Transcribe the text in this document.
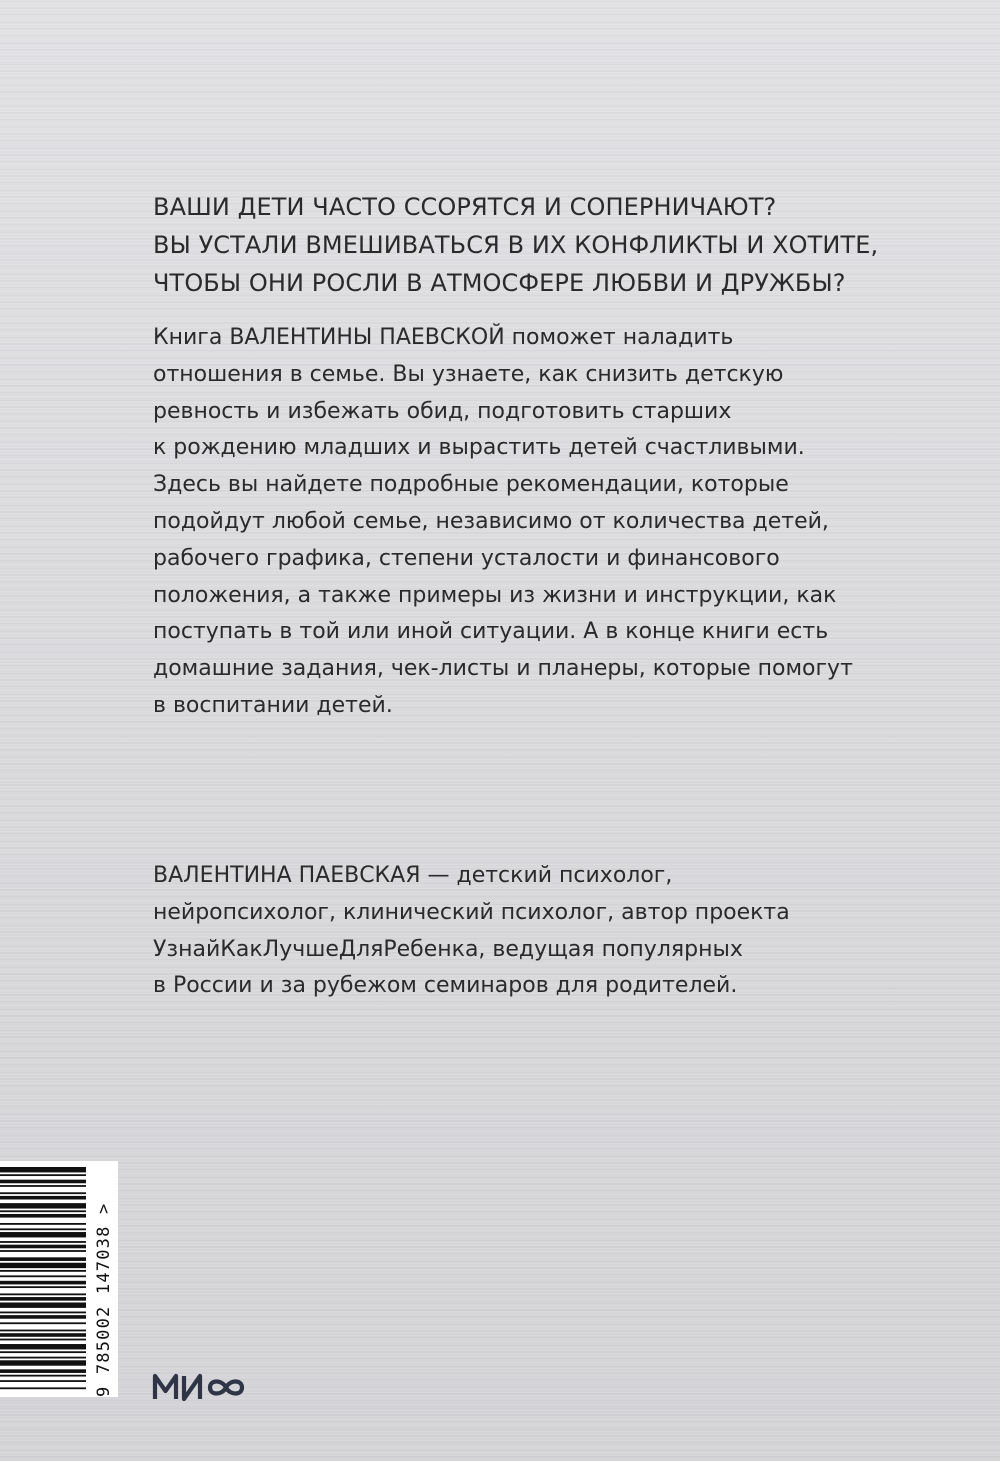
ВАШИ ДЕТИ ЧАСТО ССОРЯТСЯ И СОПЕРНИЧАЮТ?
ВЫ УСТАЛИ ВМЕШИВАТЬСЯ В ИХ КОНФЛИКТЫ И ХОТИТЕ,
ЧТОБЫ ОНИ РОСЛИ В АТМОСФЕРЕ ЛЮБВИ И ДРУЖБЫ?
Книга ВАЛЕНТИНЫ ПАЕВСКОЙ поможет наладить
отношения в семье. Вы узнаете, как снизить детскую
ревность и избежать обид, подготовить старших
к рождению младших и вырастить детей счастливыми.
Здесь вы найдете подробные рекомендации, которые
подойдут любой семье, независимо от количества детей,
рабочего графика, степени усталости и финансового
положения, а также примеры из жизни и инструкции, как
поступать в той или иной ситуации. А в конце книги есть
домашние задания, чек-листы и планеры, которые помогут
в воспитании детей.
ВАЛЕНТИНА ПАЕВСКАЯ — детский психолог,
нейропсихолог, клинический психолог, автор проекта
УзнайКакЛучшеДляРебенка, ведущая популярных
в России и за рубежом семинаров для родителей.
9 785002 147038 >
